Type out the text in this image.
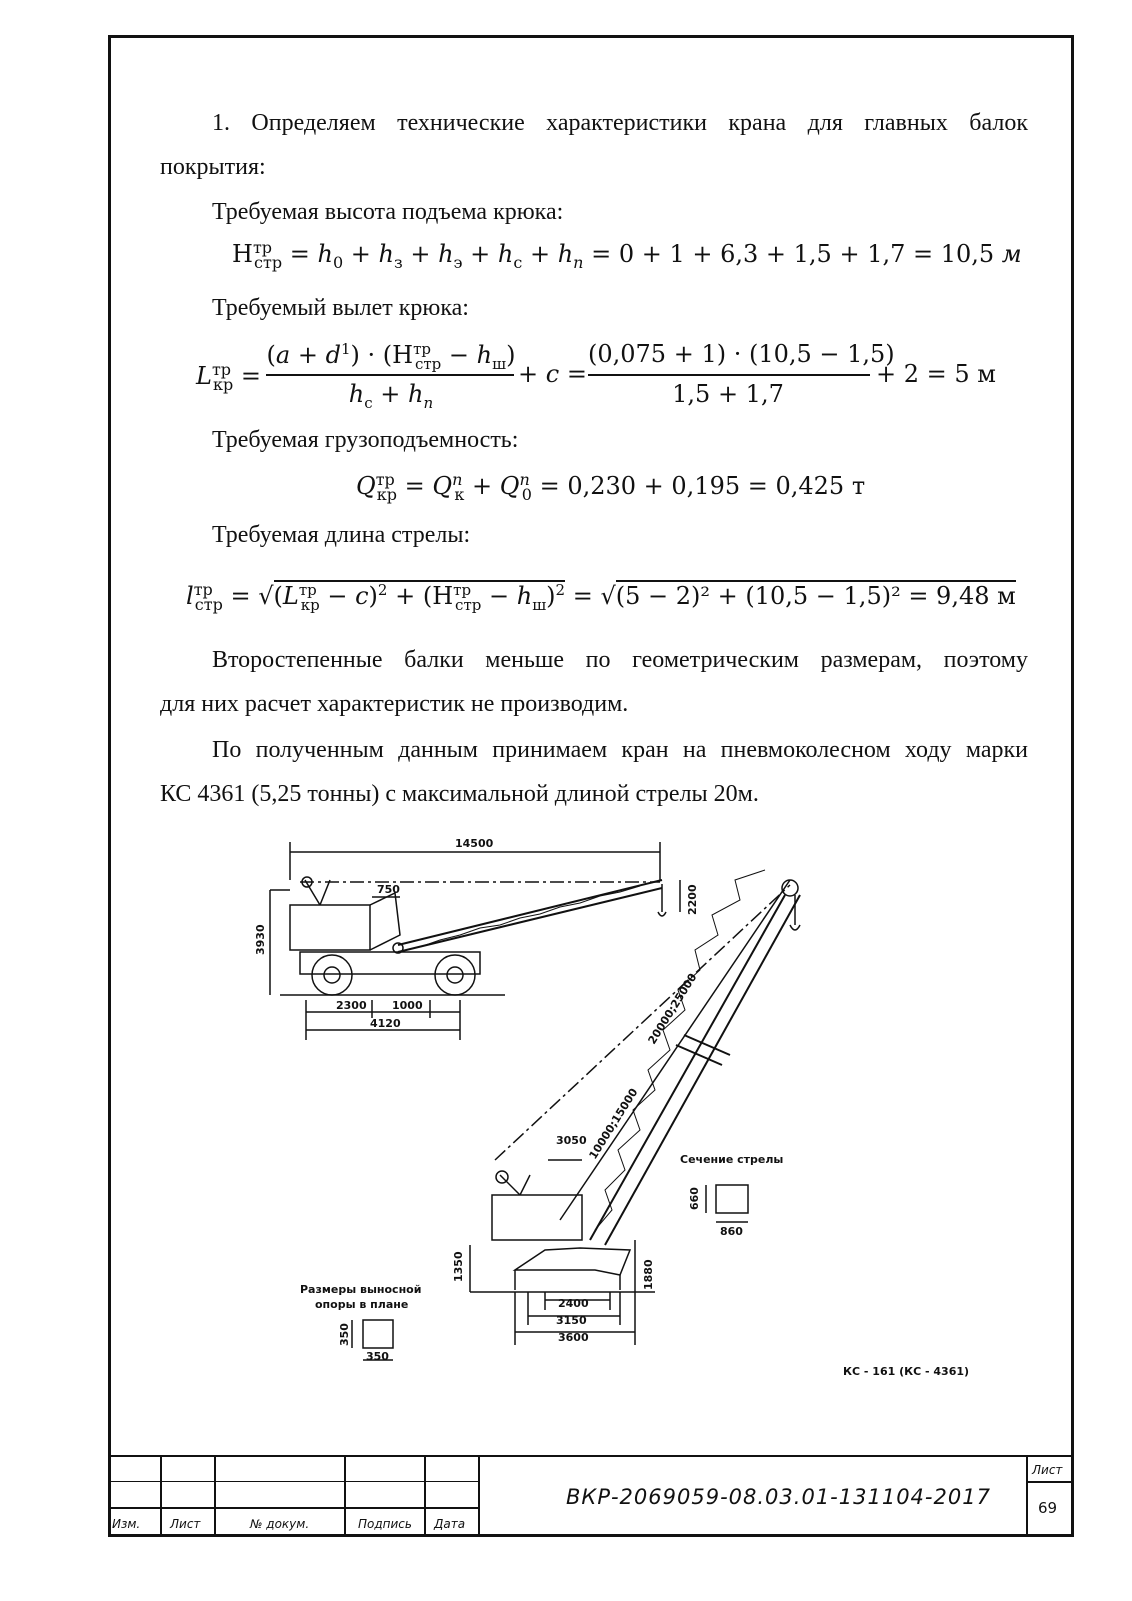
1. Определяем технические характеристики крана для главных балок
покрытия:
Требуемая высота подъема крюка:
$H^{тр}_{стр} = h_0 + h_з + h_э + h_с + h_n = 0 + 1 + 6,3 + 1,5 + 1,7 = 10,5$ м
Требуемый вылет крюка:
$L^{тр}_{кр}$ =
$(a + d^1) \cdot (H^{тр}_{стр} - h_ш)$
$h_с + h_n$
+ c =
(0,075 + 1) · (10,5 − 1,5)
1,5 + 1,7
+ 2 = 5 м
Требуемая грузоподъемность:
$Q^{тр}_{кр} = Q^n_к + Q^n_0 = 0,230 + 0,195 = 0,425$ т
Требуемая длина стрелы:
$l^{тр}_{стр} = √(L^{тр}_{кр} - c)^2 + (H^{тр}_{стр} - h_ш)^2 = √(5 - 2)^2 + (10,5 - 1,5)^2 = 9,48$ м
Второстепенные балки меньше по геометрическим размерам, поэтому
для них расчет характеристик не производим.
По полученным данным принимаем кран на пневмоколесном ходу марки
КС 4361 (5,25 тонны) с максимальной длиной стрелы 20м.
14500
750
3930
2200
2300 1000
4120	20000;25000
10000;15000
3050
Сечение стрелы
660
860
1350	1880
2400
3150
3600
Размеры выносной
опоры в плане
350
350
КС - 161 (КС - 4361)
Изм. Лист	№ докум.	Подпись Дата
ВКР-2069059-08.03.01-131104-2017
Лист
69
